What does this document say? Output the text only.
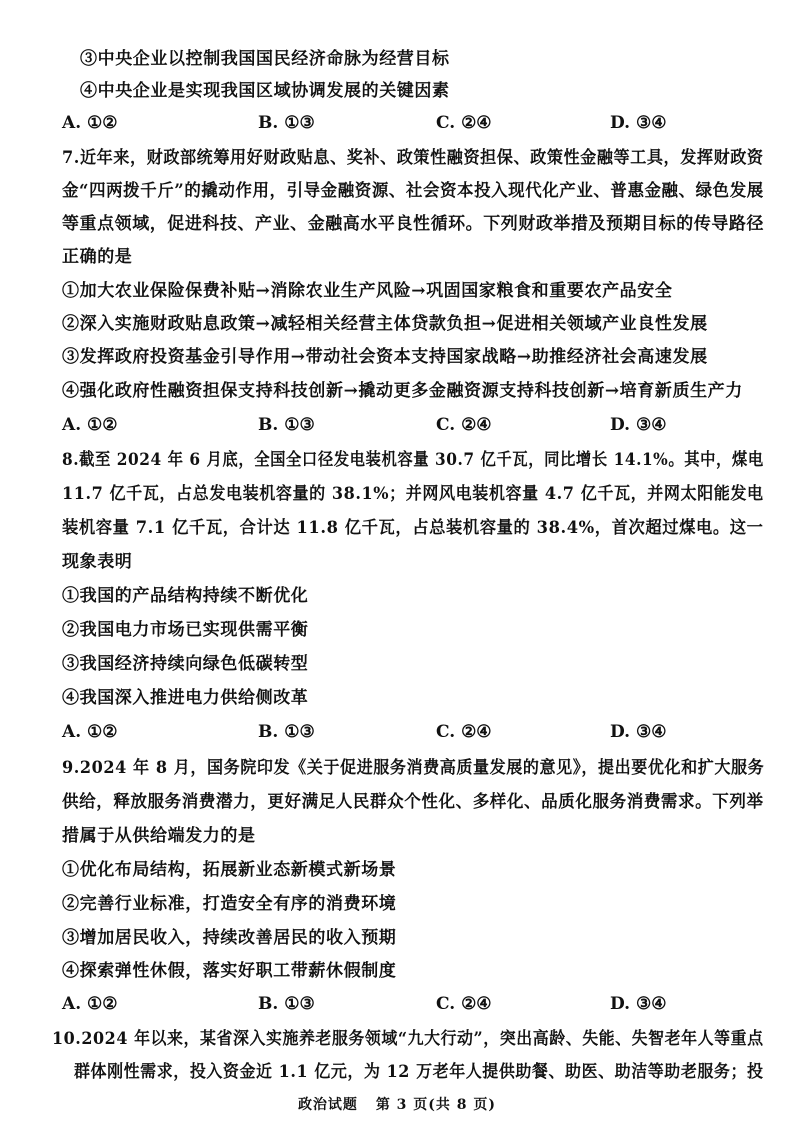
③中央企业以控制我国国民经济命脉为经营目标
④中央企业是实现我国区域协调发展的关键因素
A. ①②	B. ①③	C. ②④	D. ③④
7.近年来，财政部统筹用好财政贴息、奖补、政策性融资担保、政策性金融等工具，发挥财政资
金“四两拨千斤”的撬动作用，引导金融资源、社会资本投入现代化产业、普惠金融、绿色发展
等重点领域，促进科技、产业、金融高水平良性循环。下列财政举措及预期目标的传导路径
正确的是
①加大农业保险保费补贴→消除农业生产风险→巩固国家粮食和重要农产品安全
②深入实施财政贴息政策→减轻相关经营主体贷款负担→促进相关领域产业良性发展
③发挥政府投资基金引导作用→带动社会资本支持国家战略→助推经济社会高速发展
④强化政府性融资担保支持科技创新→撬动更多金融资源支持科技创新→培育新质生产力
A. ①②	B. ①③	C. ②④	D. ③④
8.截至 2024 年 6 月底，全国全口径发电装机容量 30.7 亿千瓦，同比增长 14.1%。其中，煤电
11.7 亿千瓦，占总发电装机容量的 38.1%；并网风电装机容量 4.7 亿千瓦，并网太阳能发电
装机容量 7.1 亿千瓦，合计达 11.8 亿千瓦，占总装机容量的 38.4%，首次超过煤电。这一
现象表明
①我国的产品结构持续不断优化
②我国电力市场已实现供需平衡
③我国经济持续向绿色低碳转型
④我国深入推进电力供给侧改革
A. ①②	B. ①③	C. ②④	D. ③④
9.2024 年 8 月，国务院印发《关于促进服务消费高质量发展的意见》，提出要优化和扩大服务
供给，释放服务消费潜力，更好满足人民群众个性化、多样化、品质化服务消费需求。下列举
措属于从供给端发力的是
①优化布局结构，拓展新业态新模式新场景
②完善行业标准，打造安全有序的消费环境
③增加居民收入，持续改善居民的收入预期
④探索弹性休假，落实好职工带薪休假制度
A. ①②	B. ①③	C. ②④	D. ③④
10.2024 年以来，某省深入实施养老服务领域“九大行动”，突出高龄、失能、失智老年人等重点
群体刚性需求，投入资金近 1.1 亿元，为 12 万老年人提供助餐、助医、助洁等助老服务；投
政治试题 第 3 页(共 8 页)
